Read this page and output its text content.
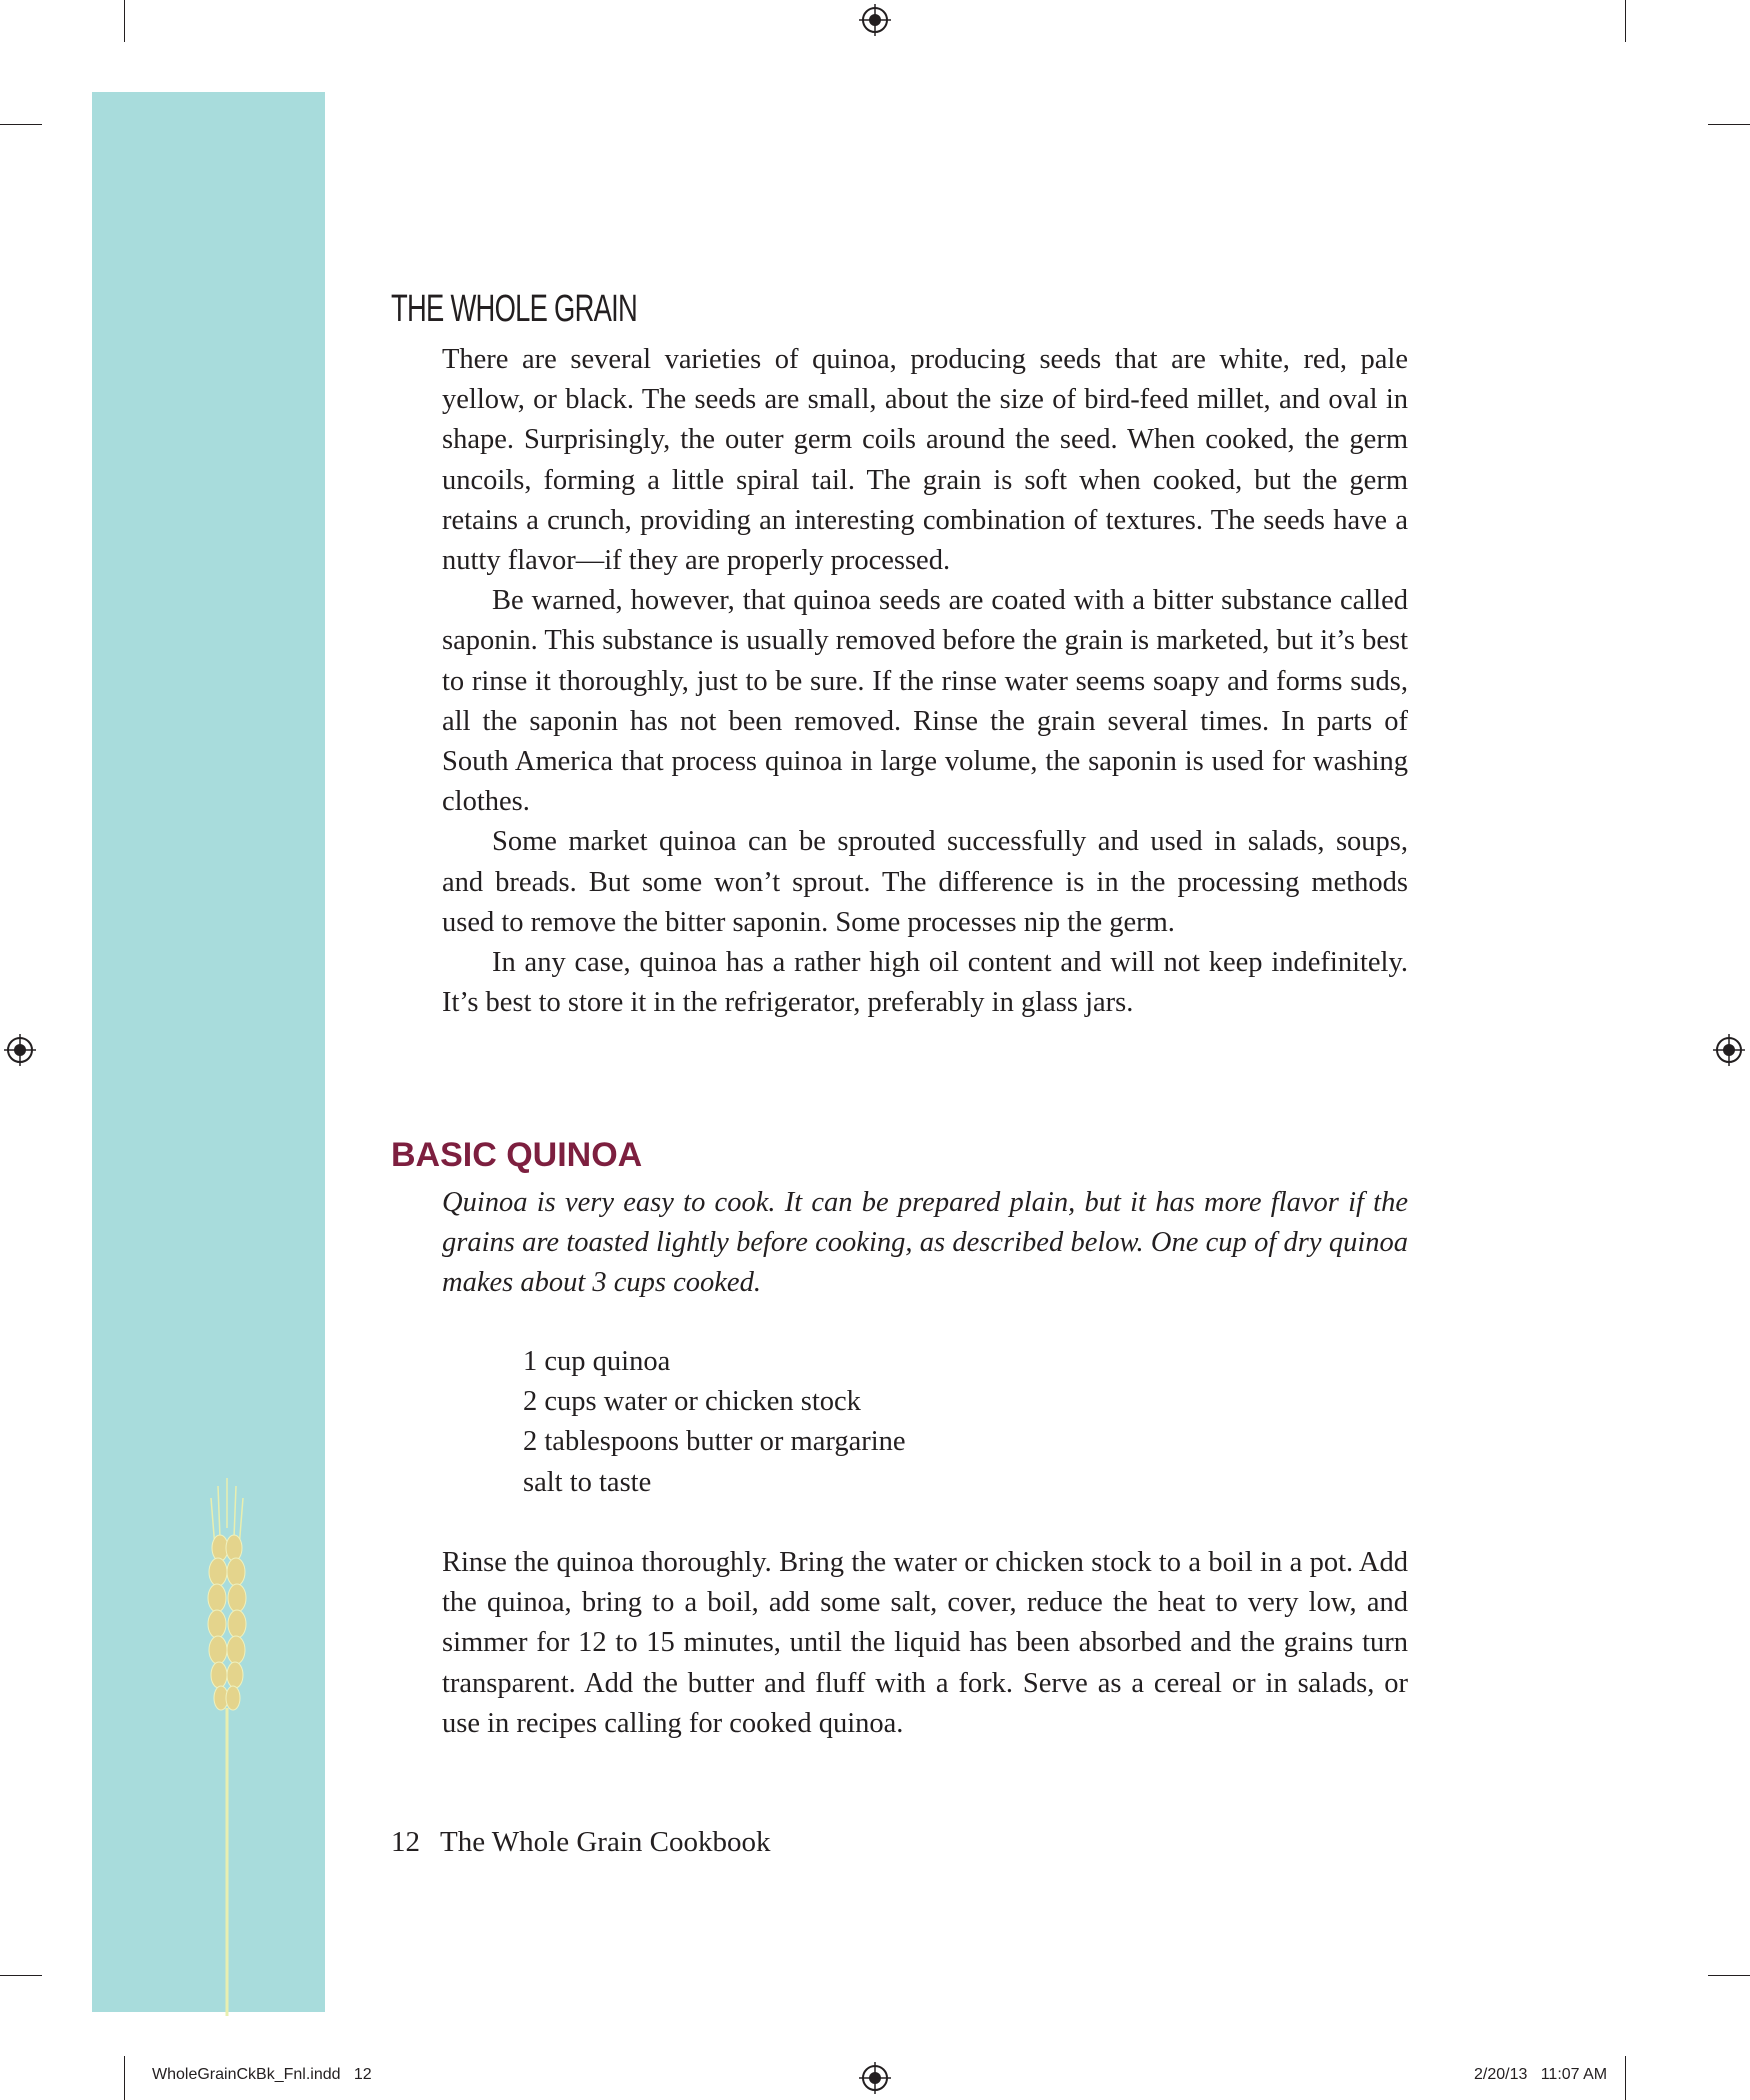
THE WHOLE GRAIN

There are several varieties of quinoa, producing seeds that are white, red, pale yellow, or black. The seeds are small, about the size of bird-feed millet, and oval in shape. Surprisingly, the outer germ coils around the seed. When cooked, the germ uncoils, forming a little spiral tail. The grain is soft when cooked, but the germ retains a crunch, providing an interesting combination of textures. The seeds have a nutty flavor—if they are properly processed.

Be warned, however, that quinoa seeds are coated with a bitter substance called saponin. This substance is usually removed before the grain is marketed, but it’s best to rinse it thoroughly, just to be sure. If the rinse water seems soapy and forms suds, all the saponin has not been removed. Rinse the grain several times. In parts of South America that process quinoa in large volume, the saponin is used for washing clothes.

Some market quinoa can be sprouted successfully and used in salads, soups, and breads. But some won’t sprout. The difference is in the processing methods used to remove the bitter saponin. Some processes nip the germ.

In any case, quinoa has a rather high oil content and will not keep indefinitely. It’s best to store it in the refrigerator, preferably in glass jars.

BASIC QUINOA

Quinoa is very easy to cook. It can be prepared plain, but it has more flavor if the grains are toasted lightly before cooking, as described below. One cup of dry quinoa makes about 3 cups cooked.

1 cup quinoa
2 cups water or chicken stock
2 tablespoons butter or margarine
salt to taste

Rinse the quinoa thoroughly. Bring the water or chicken stock to a boil in a pot. Add the quinoa, bring to a boil, add some salt, cover, reduce the heat to very low, and simmer for 12 to 15 minutes, until the liquid has been absorbed and the grains turn transparent. Add the butter and fluff with a fork. Serve as a cereal or in salads, or use in recipes calling for cooked quinoa.

12 The Whole Grain Cookbook
WholeGrainCkBk_Fnl.indd   12	2/20/13   11:07 AM
